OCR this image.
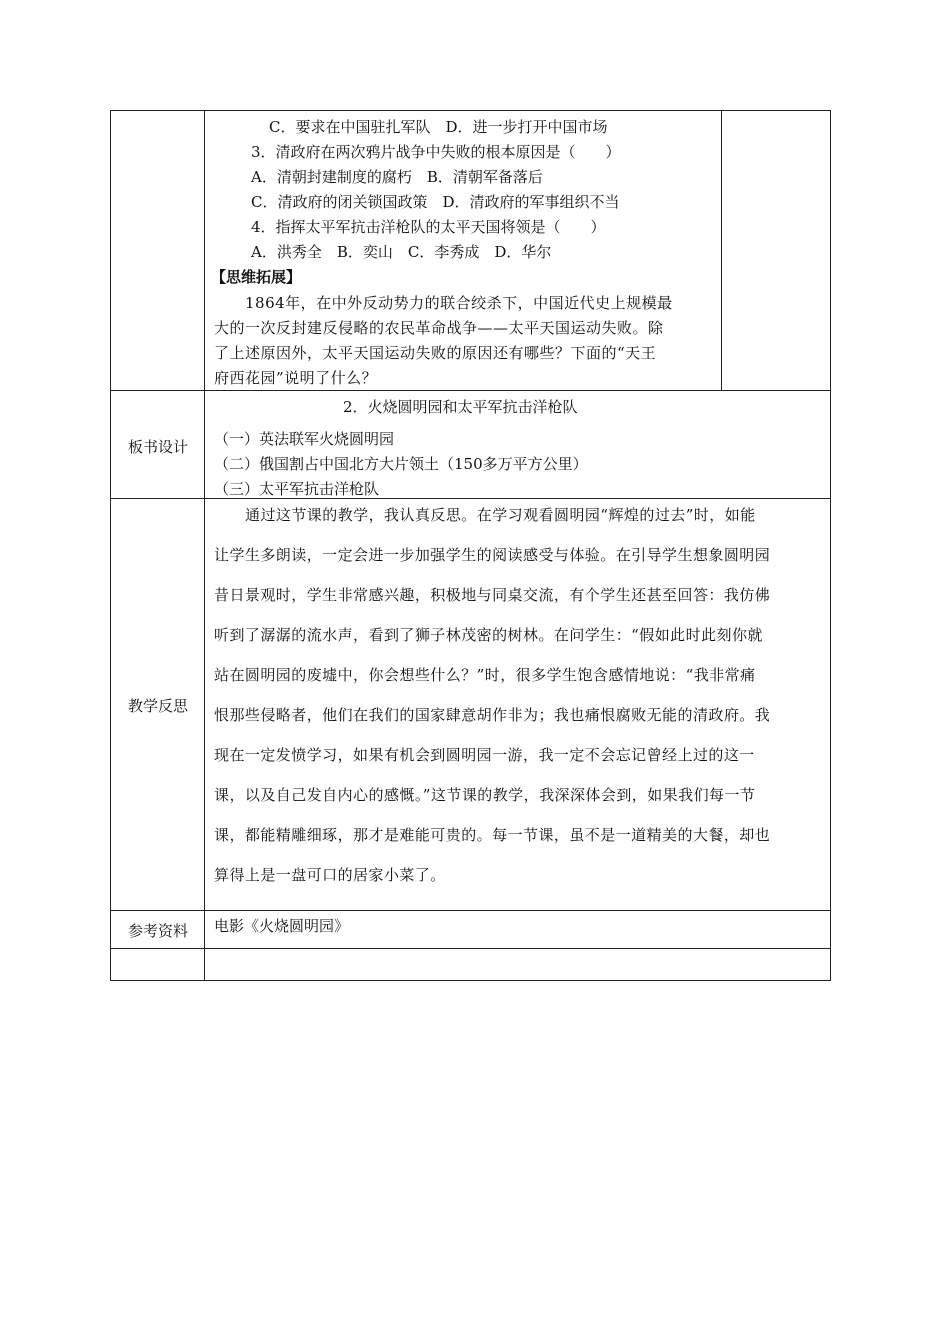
C．要求在中国驻扎军队　D．进一步打开中国市场
3．清政府在两次鸦片战争中失败的根本原因是（　　）
A．清朝封建制度的腐朽　B．清朝军备落后
C．清政府的闭关锁国政策　D．清政府的军事组织不当
4．指挥太平军抗击洋枪队的太平天国将领是（　　）
A．洪秀全　B．奕山　C．李秀成　D．华尔
【思维拓展】
1864年，在中外反动势力的联合绞杀下，中国近代史上规模最
大的一次反封建反侵略的农民革命战争——太平天国运动失败。除
了上述原因外，太平天国运动失败的原因还有哪些？下面的“天王
府西花园”说明了什么？
板书设计
2．火烧圆明园和太平军抗击洋枪队
（一）英法联军火烧圆明园
（二）俄国割占中国北方大片领土（150多万平方公里）
（三）太平军抗击洋枪队
教学反思
通过这节课的教学，我认真反思。在学习观看圆明园“辉煌的过去”时，如能
让学生多朗读，一定会进一步加强学生的阅读感受与体验。在引导学生想象圆明园
昔日景观时，学生非常感兴趣，积极地与同桌交流，有个学生还甚至回答：我仿佛
听到了潺潺的流水声，看到了狮子林茂密的树林。在问学生：“假如此时此刻你就
站在圆明园的废墟中，你会想些什么？”时，很多学生饱含感情地说：“我非常痛
恨那些侵略者，他们在我们的国家肆意胡作非为；我也痛恨腐败无能的清政府。我
现在一定发愤学习，如果有机会到圆明园一游，我一定不会忘记曾经上过的这一
课，以及自己发自内心的感慨。”这节课的教学，我深深体会到，如果我们每一节
课，都能精雕细琢，那才是难能可贵的。每一节课，虽不是一道精美的大餐，却也
算得上是一盘可口的居家小菜了。
参考资料	电影《火烧圆明园》
